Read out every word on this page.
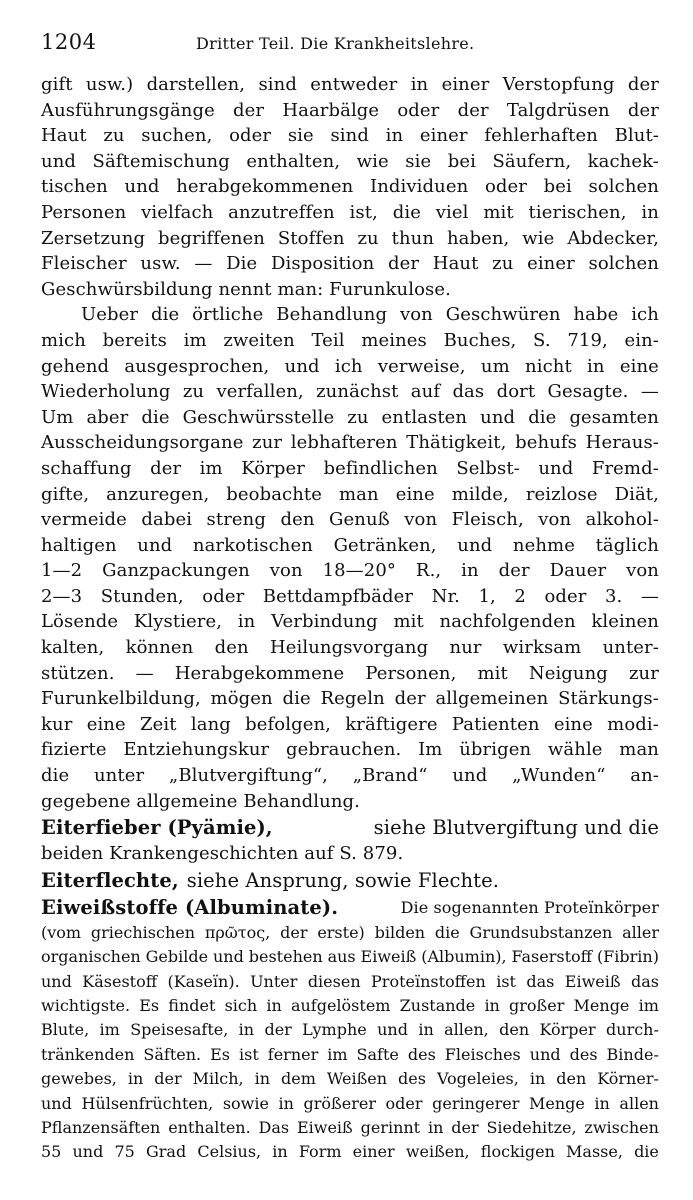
1204	Dritter Teil. Die Krankheitslehre.
gift usw.) darstellen, sind entweder in einer Verstopfung der
Ausführungsgänge der Haarbälge oder der Talgdrüsen der
Haut zu suchen, oder sie sind in einer fehlerhaften Blut-
und Säftemischung enthalten, wie sie bei Säufern, kachek-
tischen und herabgekommenen Individuen oder bei solchen
Personen vielfach anzutreffen ist, die viel mit tierischen, in
Zersetzung begriffenen Stoffen zu thun haben, wie Abdecker,
Fleischer usw. — Die Disposition der Haut zu einer solchen
Geschwürsbildung nennt man: Furunkulose.
Ueber die örtliche Behandlung von Geschwüren habe ich
mich bereits im zweiten Teil meines Buches, S. 719, ein-
gehend ausgesprochen, und ich verweise, um nicht in eine
Wiederholung zu verfallen, zunächst auf das dort Gesagte. —
Um aber die Geschwürsstelle zu entlasten und die gesamten
Ausscheidungsorgane zur lebhafteren Thätigkeit, behufs Heraus-
schaffung der im Körper befindlichen Selbst- und Fremd-
gifte, anzuregen, beobachte man eine milde, reizlose Diät,
vermeide dabei streng den Genuß von Fleisch, von alkohol-
haltigen und narkotischen Getränken, und nehme täglich
1—2 Ganzpackungen von 18—20° R., in der Dauer von
2—3 Stunden, oder Bettdampfbäder Nr. 1, 2 oder 3. —
Lösende Klystiere, in Verbindung mit nachfolgenden kleinen
kalten, können den Heilungsvorgang nur wirksam unter-
stützen. — Herabgekommene Personen, mit Neigung zur
Furunkelbildung, mögen die Regeln der allgemeinen Stärkungs-
kur eine Zeit lang befolgen, kräftigere Patienten eine modi-
fizierte Entziehungskur gebrauchen. Im übrigen wähle man
die unter „Blutvergiftung“, „Brand“ und „Wunden“ an-
gegebene allgemeine Behandlung.
Eiterfieber (Pyämie),	siehe Blutvergiftung und die
beiden Krankengeschichten auf S. 879.
Eiterflechte, siehe Ansprung, sowie Flechte.
Eiweißstoffe (Albuminate).	Die sogenannten Proteïnkörper
(vom griechischen πρῶτος, der erste) bilden die Grundsubstanzen aller
organischen Gebilde und bestehen aus Eiweiß (Albumin), Faserstoff (Fibrin)
und Käsestoff (Kaseïn). Unter diesen Proteïnstoffen ist das Eiweiß das
wichtigste. Es findet sich in aufgelöstem Zustande in großer Menge im
Blute, im Speisesafte, in der Lymphe und in allen, den Körper durch-
tränkenden Säften. Es ist ferner im Safte des Fleisches und des Binde-
gewebes, in der Milch, in dem Weißen des Vogeleies, in den Körner-
und Hülsenfrüchten, sowie in größerer oder geringerer Menge in allen
Pflanzensäften enthalten. Das Eiweiß gerinnt in der Siedehitze, zwischen
55 und 75 Grad Celsius, in Form einer weißen, flockigen Masse, die
